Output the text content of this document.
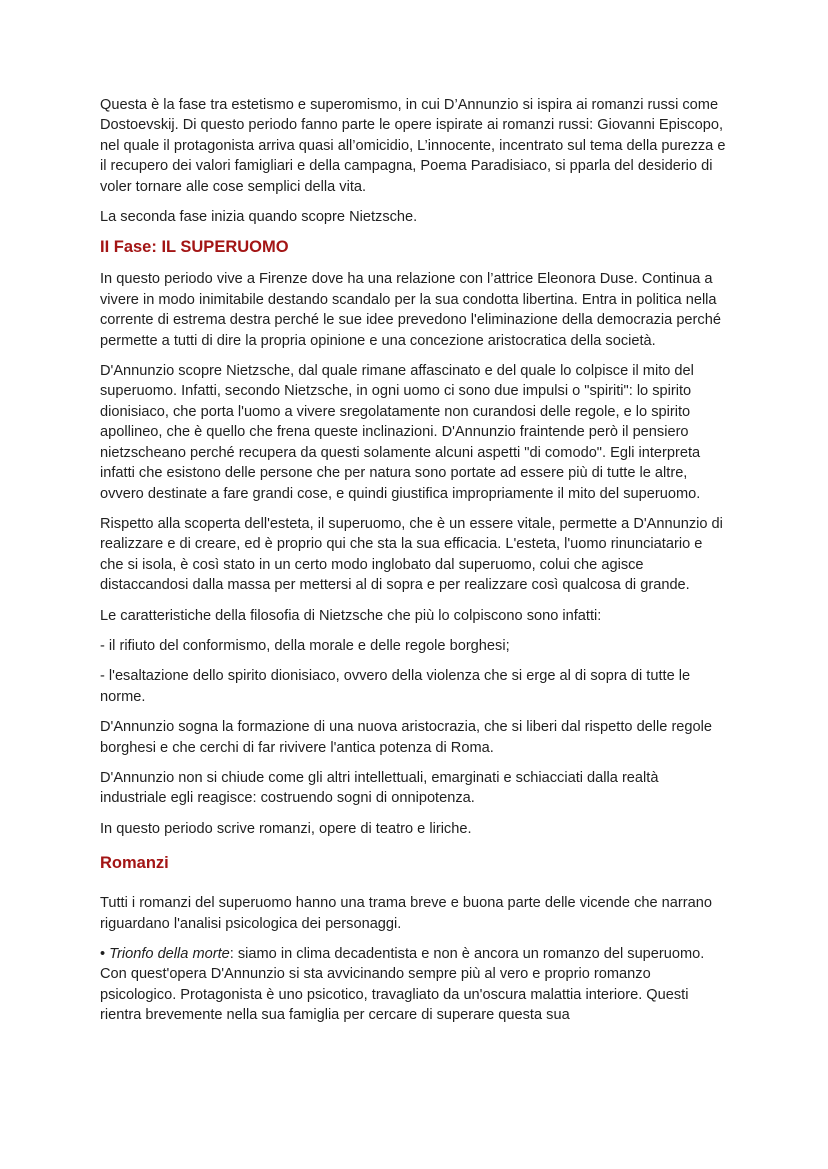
Questa è la fase tra estetismo e superomismo, in cui D’Annunzio si ispira ai romanzi russi come Dostoevskij. Di questo periodo fanno parte le opere ispirate ai romanzi russi: Giovanni Episcopo, nel quale il protagonista arriva quasi all’omicidio, L’innocente, incentrato sul tema della purezza e il recupero dei valori famigliari e della campagna, Poema Paradisiaco, si pparla del desiderio di voler tornare alle cose semplici della vita.

La seconda fase inizia quando scopre Nietzsche.

II Fase: IL SUPERUOMO

In questo periodo vive a Firenze dove ha una relazione con l’attrice Eleonora Duse. Continua a vivere in modo inimitabile destando scandalo per la sua condotta libertina. Entra in politica nella corrente di estrema destra perché le sue idee prevedono l'eliminazione della democrazia perché permette a tutti di dire la propria opinione e una concezione aristocratica della società.

D'Annunzio scopre Nietzsche, dal quale rimane affascinato e del quale lo colpisce il mito del superuomo. Infatti, secondo Nietzsche, in ogni uomo ci sono due impulsi o "spiriti": lo spirito dionisiaco, che porta l'uomo a vivere sregolatamente non curandosi delle regole, e lo spirito apollineo, che è quello che frena queste inclinazioni. D'Annunzio fraintende però il pensiero nietzscheano perché recupera da questi solamente alcuni aspetti "di comodo". Egli interpreta infatti che esistono delle persone che per natura sono portate ad essere più di tutte le altre, ovvero destinate a fare grandi cose, e quindi giustifica impropriamente il mito del superuomo.

Rispetto alla scoperta dell'esteta, il superuomo, che è un essere vitale, permette a D'Annunzio di realizzare e di creare, ed è proprio qui che sta la sua efficacia. L'esteta, l'uomo rinunciatario e che si isola, è così stato in un certo modo inglobato dal superuomo, colui che agisce distaccandosi dalla massa per mettersi al di sopra e per realizzare così qualcosa di grande.

Le caratteristiche della filosofia di Nietzsche che più lo colpiscono sono infatti:

- il rifiuto del conformismo, della morale e delle regole borghesi;

- l'esaltazione dello spirito dionisiaco, ovvero della violenza che si erge al di sopra di tutte le norme.

D'Annunzio sogna la formazione di una nuova aristocrazia, che si liberi dal rispetto delle regole borghesi e che cerchi di far rivivere l'antica potenza di Roma.

D'Annunzio non si chiude come gli altri intellettuali, emarginati e schiacciati dalla realtà industriale egli reagisce: costruendo sogni di onnipotenza.

In questo periodo scrive romanzi, opere di teatro e liriche.

Romanzi

Tutti i romanzi del superuomo hanno una trama breve e buona parte delle vicende che narrano riguardano l'analisi psicologica dei personaggi.

• Trionfo della morte: siamo in clima decadentista e non è ancora un romanzo del superuomo. Con quest'opera D'Annunzio si sta avvicinando sempre più al vero e proprio romanzo psicologico. Protagonista è uno psicotico, travagliato da un'oscura malattia interiore. Questi rientra brevemente nella sua famiglia per cercare di superare questa sua
